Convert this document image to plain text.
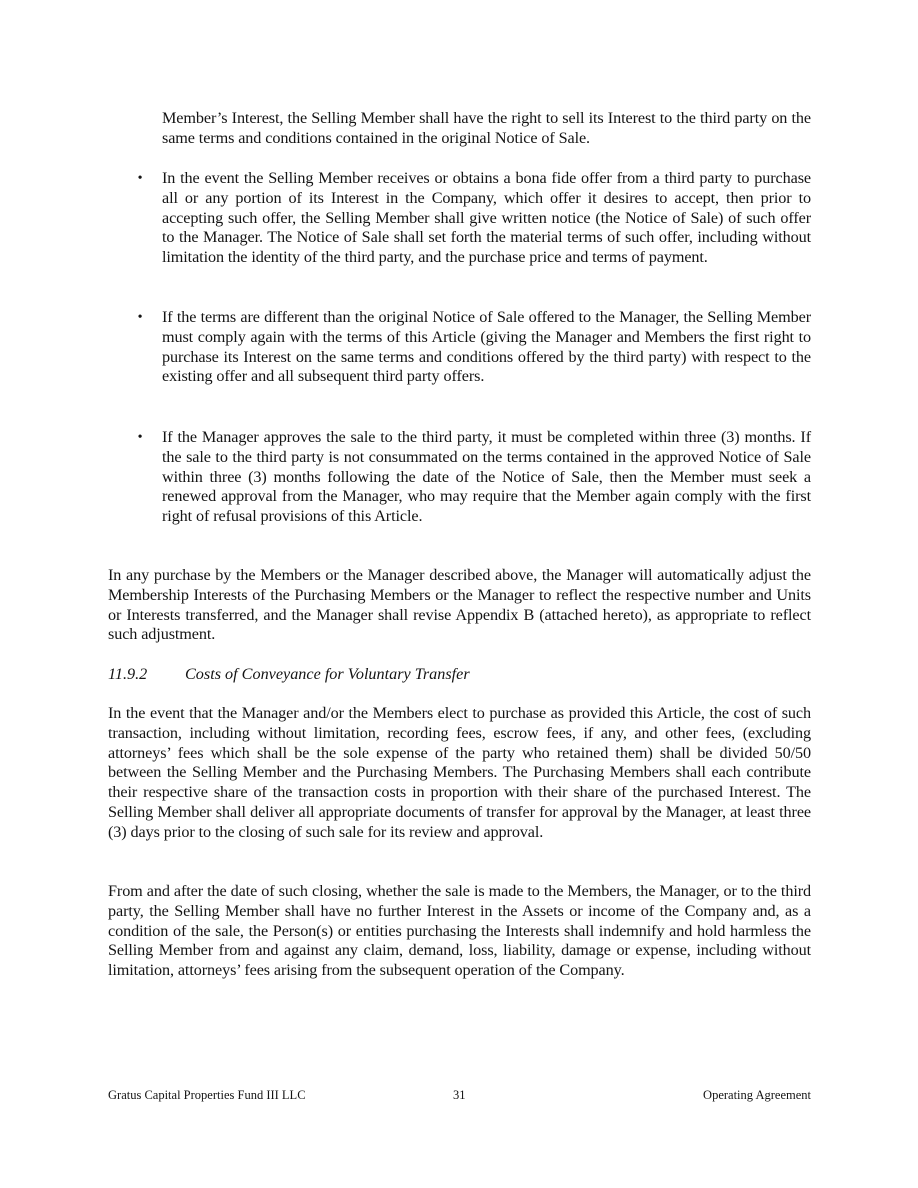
Member’s Interest, the Selling Member shall have the right to sell its Interest to the third party on the same terms and conditions contained in the original Notice of Sale.
• In the event the Selling Member receives or obtains a bona fide offer from a third party to purchase all or any portion of its Interest in the Company, which offer it desires to accept, then prior to accepting such offer, the Selling Member shall give written notice (the Notice of Sale) of such offer to the Manager. The Notice of Sale shall set forth the material terms of such offer, including without limitation the identity of the third party, and the purchase price and terms of payment.
• If the terms are different than the original Notice of Sale offered to the Manager, the Selling Member must comply again with the terms of this Article (giving the Manager and Members the first right to purchase its Interest on the same terms and conditions offered by the third party) with respect to the existing offer and all subsequent third party offers.
• If the Manager approves the sale to the third party, it must be completed within three (3) months. If the sale to the third party is not consummated on the terms contained in the approved Notice of Sale within three (3) months following the date of the Notice of Sale, then the Member must seek a renewed approval from the Manager, who may require that the Member again comply with the first right of refusal provisions of this Article.
In any purchase by the Members or the Manager described above, the Manager will automatically adjust the Membership Interests of the Purchasing Members or the Manager to reflect the respective number and Units or Interests transferred, and the Manager shall revise Appendix B (attached hereto), as appropriate to reflect such adjustment.
11.9.2 Costs of Conveyance for Voluntary Transfer
In the event that the Manager and/or the Members elect to purchase as provided this Article, the cost of such transaction, including without limitation, recording fees, escrow fees, if any, and other fees, (excluding attorneys’ fees which shall be the sole expense of the party who retained them) shall be divided 50/50 between the Selling Member and the Purchasing Members. The Purchasing Members shall each contribute their respective share of the transaction costs in proportion with their share of the purchased Interest. The Selling Member shall deliver all appropriate documents of transfer for approval by the Manager, at least three (3) days prior to the closing of such sale for its review and approval.
From and after the date of such closing, whether the sale is made to the Members, the Manager, or to the third party, the Selling Member shall have no further Interest in the Assets or income of the Company and, as a condition of the sale, the Person(s) or entities purchasing the Interests shall indemnify and hold harmless the Selling Member from and against any claim, demand, loss, liability, damage or expense, including without limitation, attorneys’ fees arising from the subsequent operation of the Company.
Gratus Capital Properties Fund III LLC	31	Operating Agreement
